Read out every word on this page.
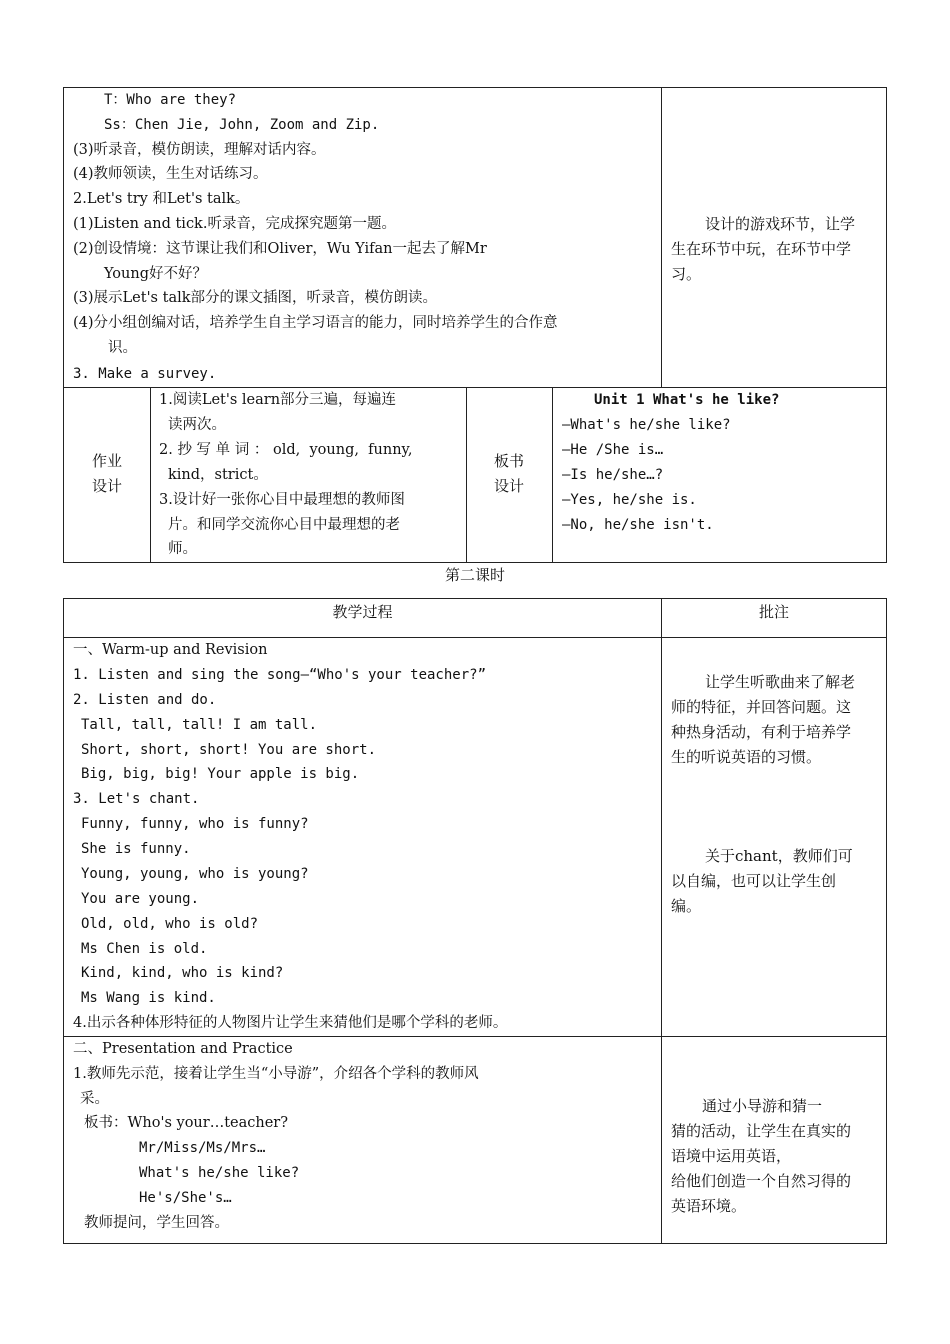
T：Who are they?
Ss：Chen Jie, John, Zoom and Zip.
(3)听录音，模仿朗读，理解对话内容。
(4)教师领读，生生对话练习。
2.Let's try 和Let's talk。
(1)Listen and tick.听录音，完成探究题第一题。
(2)创设情境：这节课让我们和Oliver，Wu Yifan一起去了解Mr
Young好不好？
(3)展示Let's talk部分的课文插图，听录音，模仿朗读。
(4)分小组创编对话，培养学生自主学习语言的能力，同时培养学生的合作意
识。
3. Make a survey.
设计的游戏环节，让学
生在环节中玩，在环节中学
习。
作业
设计
1.阅读Let's learn部分三遍，每遍连
读两次。
2. 抄 写 单 词 ： old,  young,  funny,
kind，strict。
3.设计好一张你心目中最理想的教师图
片。和同学交流你心目中最理想的老
师。
板书
设计
Unit 1 What's he like?
—What's he/she like?
—He /She is…
—Is he/she…?
—Yes, he/she is.
—No, he/she isn't.
第二课时
教学过程	批注
一、Warm-up and Revision
1. Listen and sing the song—“Who's your teacher?”
2. Listen and do.
Tall, tall, tall! I am tall.
Short, short, short! You are short.
Big, big, big! Your apple is big.
3. Let's chant.
Funny, funny, who is funny?
She is funny.
Young, young, who is young?
You are young.
Old, old, who is old?
Ms Chen is old.
Kind, kind, who is kind?
Ms Wang is kind.
4.出示各种体形特征的人物图片让学生来猜他们是哪个学科的老师。
让学生听歌曲来了解老
师的特征，并回答问题。这
种热身活动，有利于培养学
生的听说英语的习惯。
关于chant，教师们可
以自编，也可以让学生创
编。
二、Presentation and Practice
1.教师先示范，接着让学生当“小导游”，介绍各个学科的教师风
采。
板书：Who's your…teacher?
Mr/Miss/Ms/Mrs…
What's he/she like?
He's/She's…
教师提问，学生回答。
通过小导游和猜一
猜的活动，让学生在真实的
语境中运用英语，
给他们创造一个自然习得的
英语环境。
